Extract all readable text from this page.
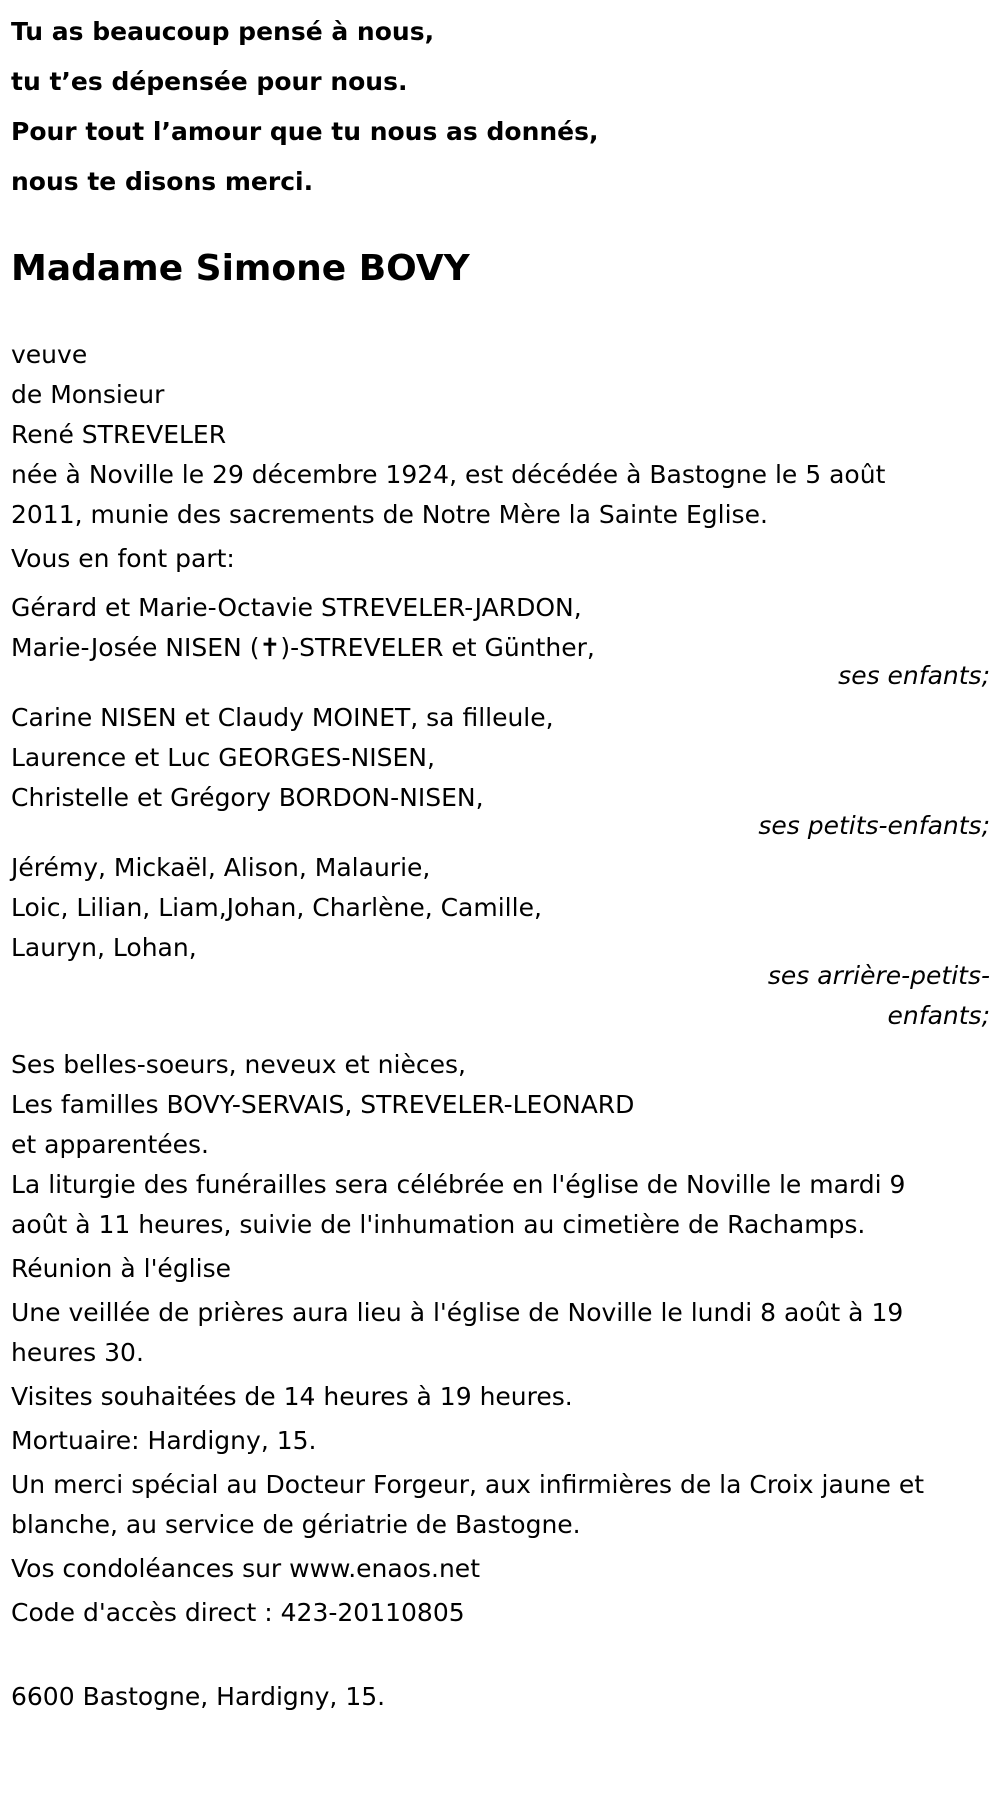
Tu as beaucoup pensé à nous,
tu t’es dépensée pour nous.
Pour tout l’amour que tu nous as donnés,
nous te disons merci.
Madame Simone BOVY
veuve
de Monsieur
René STREVELER
née à Noville le 29 décembre 1924, est décédée à Bastogne le 5 août
2011, munie des sacrements de Notre Mère la Sainte Eglise.
Vous en font part:
Gérard et Marie-Octavie STREVELER-JARDON,
Marie-Josée NISEN (✝)-STREVELER et Günther,
ses enfants;
Carine NISEN et Claudy MOINET, sa filleule,
Laurence et Luc GEORGES-NISEN,
Christelle et Grégory BORDON-NISEN,
ses petits-enfants;
Jérémy, Mickaël, Alison, Malaurie,
Loic, Lilian, Liam,Johan, Charlène, Camille,
Lauryn, Lohan,
ses arrière-petits-
enfants;
Ses belles-soeurs, neveux et nièces,
Les familles BOVY-SERVAIS, STREVELER-LEONARD
et apparentées.
La liturgie des funérailles sera célébrée en l'église de Noville le mardi 9
août à 11 heures, suivie de l'inhumation au cimetière de Rachamps.
Réunion à l'église
Une veillée de prières aura lieu à l'église de Noville le lundi 8 août à 19
heures 30.
Visites souhaitées de 14 heures à 19 heures.
Mortuaire: Hardigny, 15.
Un merci spécial au Docteur Forgeur, aux infirmières de la Croix jaune et
blanche, au service de gériatrie de Bastogne.
Vos condoléances sur www.enaos.net
Code d'accès direct : 423-20110805
6600 Bastogne, Hardigny, 15.
